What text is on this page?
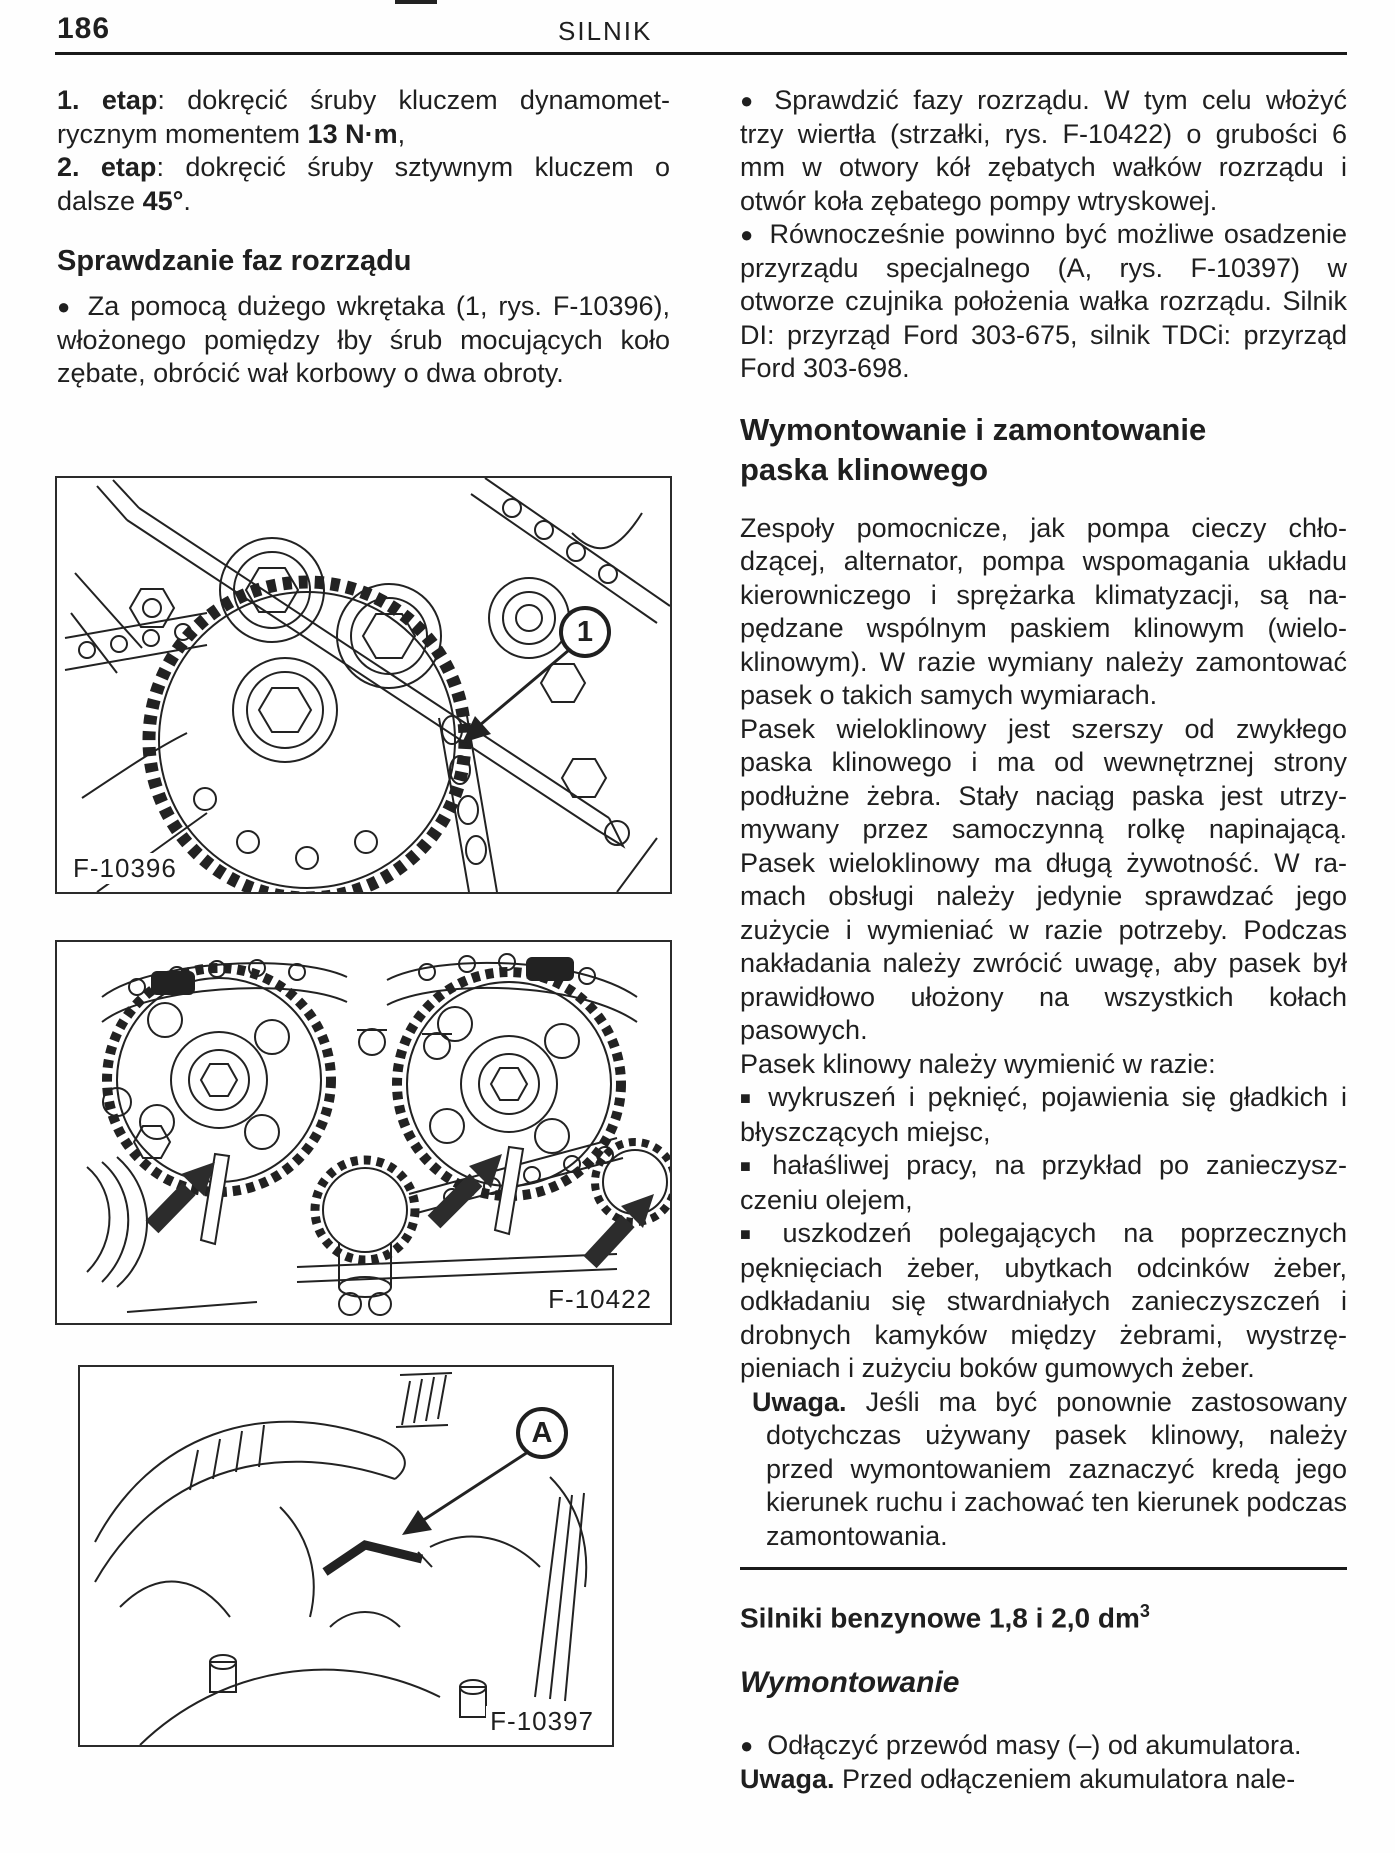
186	SILNIK

1. etap: dokręcić śruby kluczem dynamometrycznym momentem 13 N·m,

2. etap: dokręcić śruby sztywnym kluczem o dalsze 45°.

Sprawdzanie faz rozrządu

● Za pomocą dużego wkrętaka (1, rys. F-10396), włożonego pomiędzy łby śrub mocujących koło zębate, obrócić wał korbowy o dwa obroty.

1
F-10396
F-10422
A
F-10397

● Sprawdzić fazy rozrządu. W tym celu włożyć trzy wiertła (strzałki, rys. F-10422) o grubości 6 mm w otwory kół zębatych wałków rozrządu i otwór koła zębatego pompy wtryskowej.

● Równocześnie powinno być możliwe osadzenie przyrządu specjalnego (A, rys. F-10397) w otworze czujnika położenia wałka rozrządu. Silnik DI: przyrząd Ford 303-675, silnik TDCi: przyrząd Ford 303-698.

Wymontowanie i zamontowanie
paska klinowego

Zespoły pomocnicze, jak pompa cieczy chłodzącej, alternator, pompa wspomagania układu kierowniczego i sprężarka klimatyzacji, są napędzane wspólnym paskiem klinowym (wieloklinowym). W razie wymiany należy zamontować pasek o takich samych wymiarach.

Pasek wieloklinowy jest szerszy od zwykłego paska klinowego i ma od wewnętrznej strony podłużne żebra. Stały naciąg paska jest utrzymywany przez samoczynną rolkę napinającą. Pasek wieloklinowy ma długą żywotność. W ramach obsługi należy jedynie sprawdzać jego zużycie i wymieniać w razie potrzeby. Podczas nakładania należy zwrócić uwagę, aby pasek był prawidłowo ułożony na wszystkich kołach pasowych.

Pasek klinowy należy wymienić w razie:

■ wykruszeń i pęknięć, pojawienia się gładkich i błyszczących miejsc,

■ hałaśliwej pracy, na przykład po zanieczyszczeniu olejem,

■ uszkodzeń polegających na poprzecznych pęknięciach żeber, ubytkach odcinków żeber, odkładaniu się stwardniałych zanieczyszczeń i drobnych kamyków między żebrami, wystrzępieniach i zużyciu boków gumowych żeber.

Uwaga. Jeśli ma być ponownie zastosowany dotychczas używany pasek klinowy, należy przed wymontowaniem zaznaczyć kredą jego kierunek ruchu i zachować ten kierunek podczas zamontowania.

Silniki benzynowe 1,8 i 2,0 $dm^3$

Wymontowanie

● Odłączyć przewód masy (–) od akumulatora.

Uwaga. Przed odłączeniem akumulatora nale-
